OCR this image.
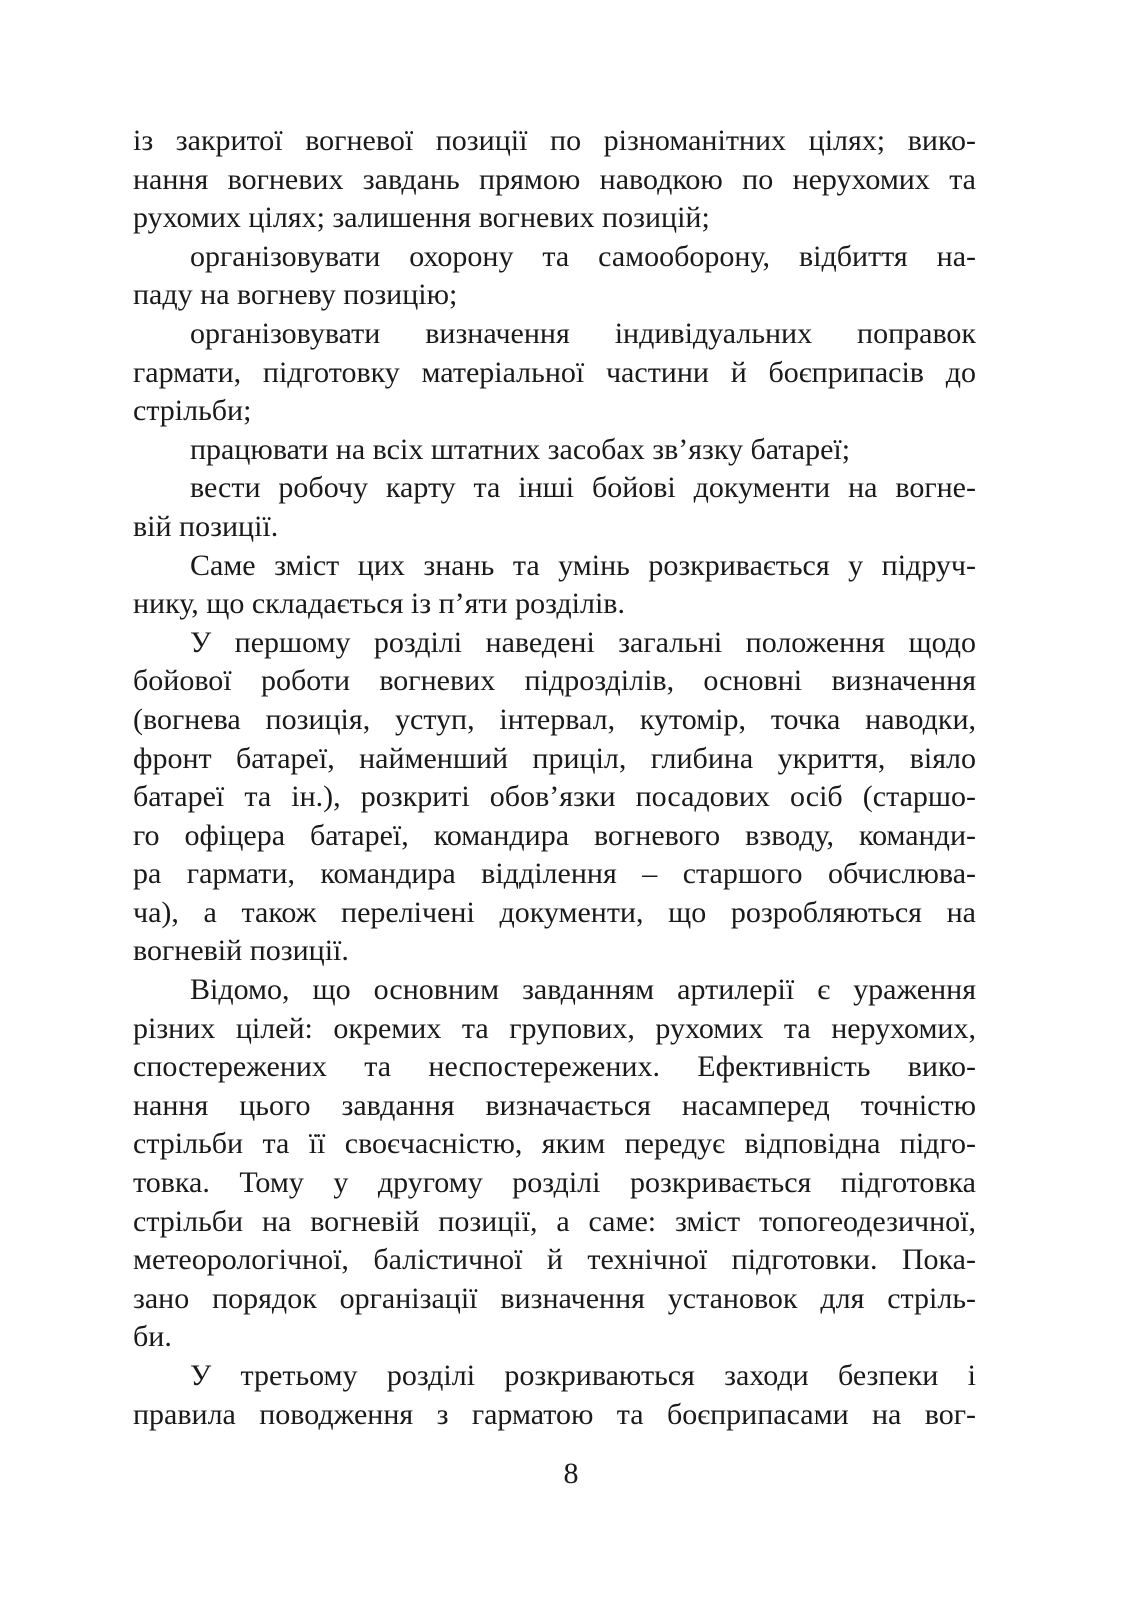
із закритої вогневої позиції по різноманітних цілях; вико-
нання вогневих завдань прямою наводкою по нерухомих та
рухомих цілях; залишення вогневих позицій;
організовувати охорону та самооборону, відбиття на-
паду на вогневу позицію;
організовувати визначення індивідуальних поправок
гармати, підготовку матеріальної частини й боєприпасів до
стрільби;
працювати на всіх штатних засобах зв’язку батареї;
вести робочу карту та інші бойові документи на вогне-
вій позиції.
Саме зміст цих знань та умінь розкривається у підруч-
нику, що складається із п’яти розділів.
У першому розділі наведені загальні положення щодо
бойової роботи вогневих підрозділів, основні визначення
(вогнева позиція, уступ, інтервал, кутомір, точка наводки,
фронт батареї, найменший приціл, глибина укриття, віяло
батареї та ін.), розкриті обов’язки посадових осіб (старшо-
го офіцера батареї, командира вогневого взводу, команди-
ра гармати, командира відділення – старшого обчислюва-
ча), а також перелічені документи, що розробляються на
вогневій позиції.
Відомо, що основним завданням артилерії є ураження
різних цілей: окремих та групових, рухомих та нерухомих,
спостережених та неспостережених. Ефективність вико-
нання цього завдання визначається насамперед точністю
стрільби та її своєчасністю, яким передує відповідна підго-
товка. Тому у другому розділі розкривається підготовка
стрільби на вогневій позиції, а саме: зміст топогеодезичної,
метеорологічної, балістичної й технічної підготовки. Пока-
зано порядок організації визначення установок для стріль-
би.
У третьому розділі розкриваються заходи безпеки і
правила поводження з гарматою та боєприпасами на вог-
8
